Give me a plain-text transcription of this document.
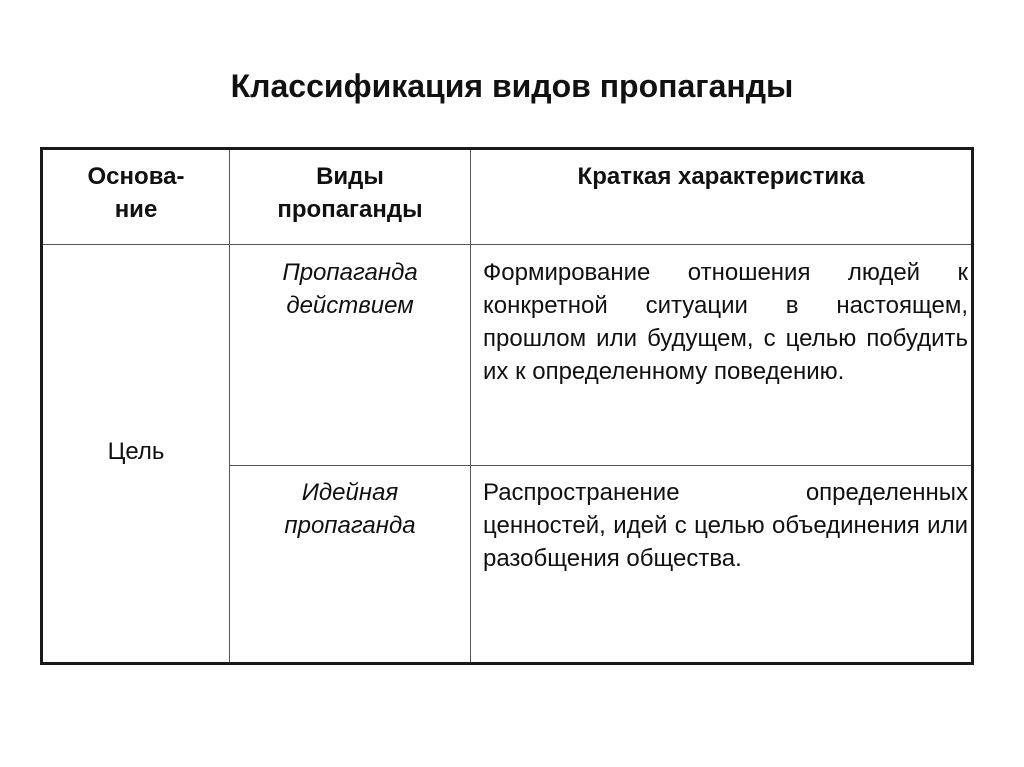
Классификация видов пропаганды
Основа-
ние
Виды
пропаганды
Краткая характеристика
Цель
Пропаганда
действием
Формирование отношения людей к конкретной ситуации в настоящем, прошлом или будущем, с целью побудить их к определенному поведению.
Идейная
пропаганда
Распространение определенных ценностей, идей с целью объединения или разобщения общества.
